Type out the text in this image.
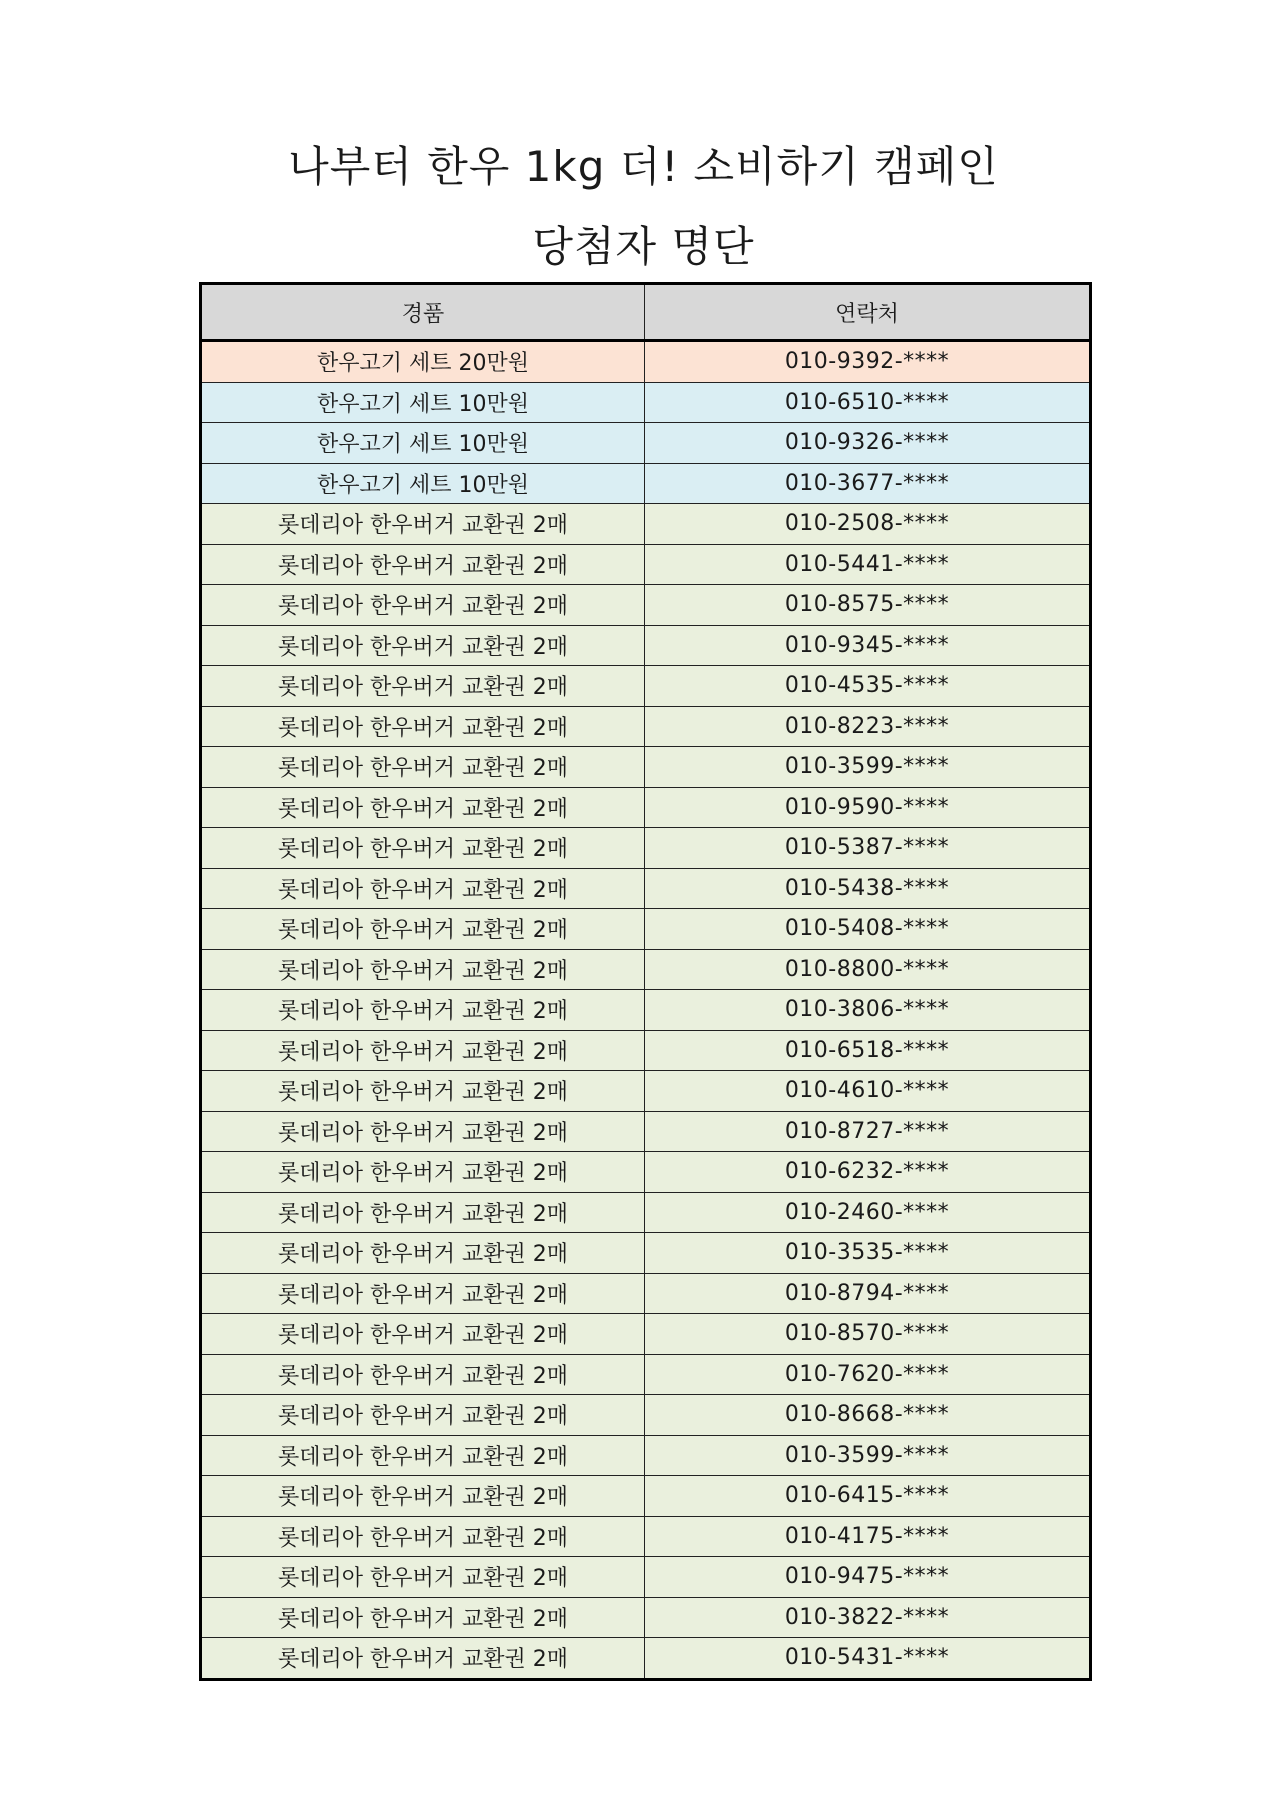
나부터 한우 1kg 더! 소비하기 캠페인
당첨자 명단
경품	연락처
한우고기 세트 20만원	010-9392-****
한우고기 세트 10만원	010-6510-****
한우고기 세트 10만원	010-9326-****
한우고기 세트 10만원	010-3677-****
롯데리아 한우버거 교환권 2매	010-2508-****
롯데리아 한우버거 교환권 2매	010-5441-****
롯데리아 한우버거 교환권 2매	010-8575-****
롯데리아 한우버거 교환권 2매	010-9345-****
롯데리아 한우버거 교환권 2매	010-4535-****
롯데리아 한우버거 교환권 2매	010-8223-****
롯데리아 한우버거 교환권 2매	010-3599-****
롯데리아 한우버거 교환권 2매	010-9590-****
롯데리아 한우버거 교환권 2매	010-5387-****
롯데리아 한우버거 교환권 2매	010-5438-****
롯데리아 한우버거 교환권 2매	010-5408-****
롯데리아 한우버거 교환권 2매	010-8800-****
롯데리아 한우버거 교환권 2매	010-3806-****
롯데리아 한우버거 교환권 2매	010-6518-****
롯데리아 한우버거 교환권 2매	010-4610-****
롯데리아 한우버거 교환권 2매	010-8727-****
롯데리아 한우버거 교환권 2매	010-6232-****
롯데리아 한우버거 교환권 2매	010-2460-****
롯데리아 한우버거 교환권 2매	010-3535-****
롯데리아 한우버거 교환권 2매	010-8794-****
롯데리아 한우버거 교환권 2매	010-8570-****
롯데리아 한우버거 교환권 2매	010-7620-****
롯데리아 한우버거 교환권 2매	010-8668-****
롯데리아 한우버거 교환권 2매	010-3599-****
롯데리아 한우버거 교환권 2매	010-6415-****
롯데리아 한우버거 교환권 2매	010-4175-****
롯데리아 한우버거 교환권 2매	010-9475-****
롯데리아 한우버거 교환권 2매	010-3822-****
롯데리아 한우버거 교환권 2매	010-5431-****
